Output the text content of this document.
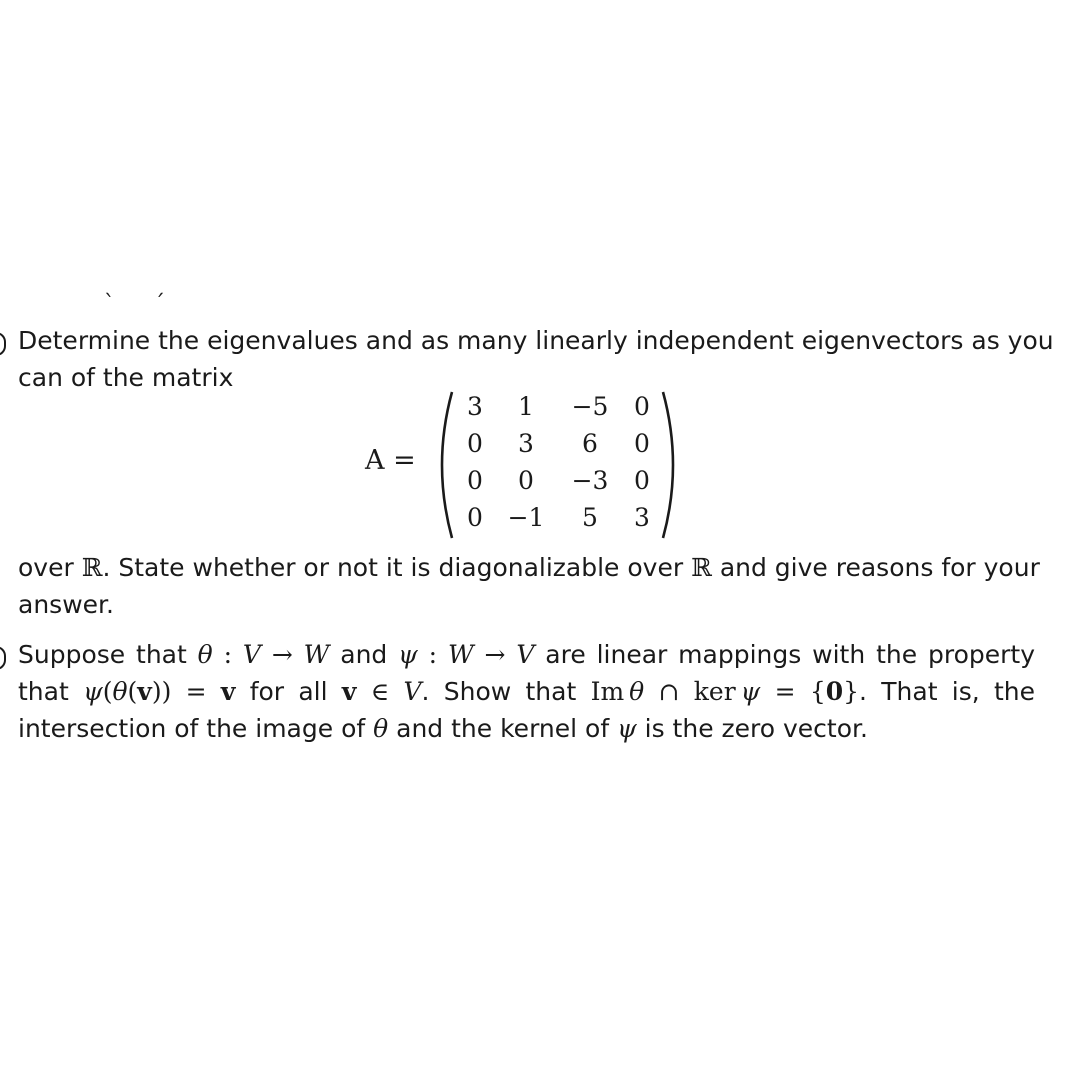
` ´
Determine the eigenvalues and as many linearly independent eigenvectors as you
can of the matrix
A =
3	1	−5	0
0	3	6	0
0	0	−3	0
0 −1	5	3
over ℝ. State whether or not it is diagonalizable over ℝ and give reasons for your
answer.
Suppose that θ : V → W and ψ : W → V are linear mappings with the property
that ψ(θ(v)) = v for all v ∈ V. Show that Im  θ ∩ ker  ψ = {0}. That is, the
intersection of the image of θ and the kernel of ψ is the zero vector.
